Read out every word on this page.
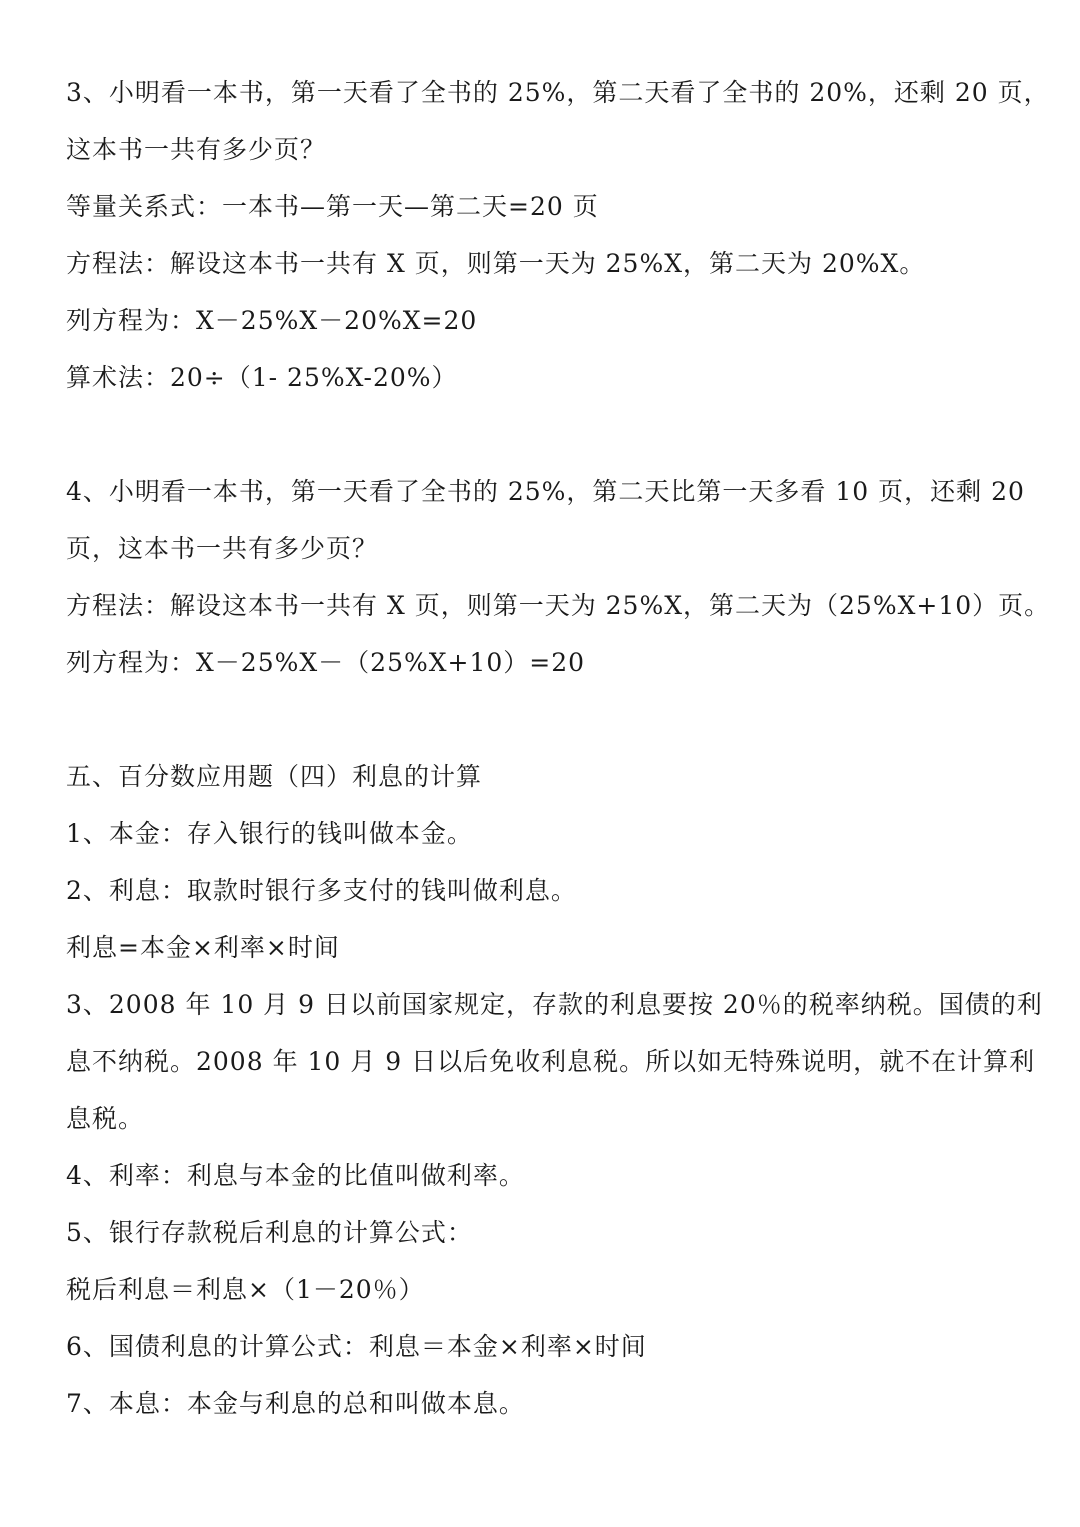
3、小明看一本书，第一天看了全书的 25%，第二天看了全书的 20%，还剩 20 页，
这本书一共有多少页？
等量关系式：一本书—第一天—第二天=20 页
方程法：解设这本书一共有 X 页，则第一天为 25%X，第二天为 20%X。
列方程为：X－25%X－20%X=20
算术法：20÷（1- 25%X-20%）
4、小明看一本书，第一天看了全书的 25%，第二天比第一天多看 10 页，还剩 20
页，这本书一共有多少页？
方程法：解设这本书一共有 X 页，则第一天为 25%X，第二天为（25%X+10）页。
列方程为：X－25%X－（25%X+10）=20
五、百分数应用题（四）利息的计算
1、本金：存入银行的钱叫做本金。
2、利息：取款时银行多支付的钱叫做利息。
利息=本金×利率×时间
3、2008 年 10 月 9 日以前国家规定，存款的利息要按 20％的税率纳税。国债的利
息不纳税。2008 年 10 月 9 日以后免收利息税。所以如无特殊说明，就不在计算利
息税。
4、利率：利息与本金的比值叫做利率。
5、银行存款税后利息的计算公式：
税后利息＝利息×（1－20％）
6、国债利息的计算公式：利息＝本金×利率×时间
7、本息：本金与利息的总和叫做本息。
